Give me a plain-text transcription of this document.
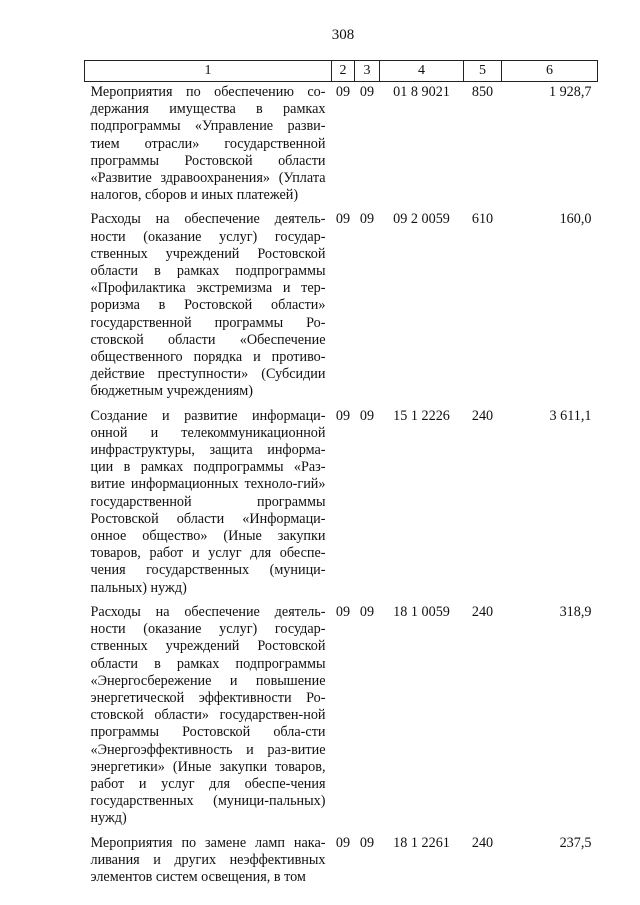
308
1	2	3	4	5	6
Мероприятия по обеспечению со-держания имущества в рамках подпрограммы «Управление разви-тием отрасли» государственной программы Ростовской области «Развитие здравоохранения» (Уплата налогов, сборов и иных платежей)	09	09	01 8 9021	850	1 928,7
Расходы на обеспечение деятель-ности (оказание услуг) государ-ственных учреждений Ростовской области в рамках подпрограммы «Профилактика экстремизма и тер-роризма в Ростовской области» государственной программы Ро-стовской области «Обеспечение общественного порядка и противо-действие преступности» (Субсидии бюджетным учреждениям)	09	09	09 2 0059	610	160,0
Создание и развитие информаци-онной и телекоммуникационной инфраструктуры, защита информа-ции в рамках подпрограммы «Раз-витие информационных техноло-гий» государственной программы Ростовской области «Информаци-онное общество» (Иные закупки товаров, работ и услуг для обеспе-чения государственных (муници-пальных) нужд)	09	09	15 1 2226	240	3 611,1
Расходы на обеспечение деятель-ности (оказание услуг) государ-ственных учреждений Ростовской области в рамках подпрограммы «Энергосбережение и повышение энергетической эффективности Ро-стовской области» государствен-ной программы Ростовской обла-сти «Энергоэффективность и раз-витие энергетики» (Иные закупки товаров, работ и услуг для обеспе-чения государственных (муници-пальных) нужд)	09	09	18 1 0059	240	318,9
Мероприятия по замене ламп нака-ливания и других неэффективных элементов систем освещения, в том	09	09	18 1 2261	240	237,5
